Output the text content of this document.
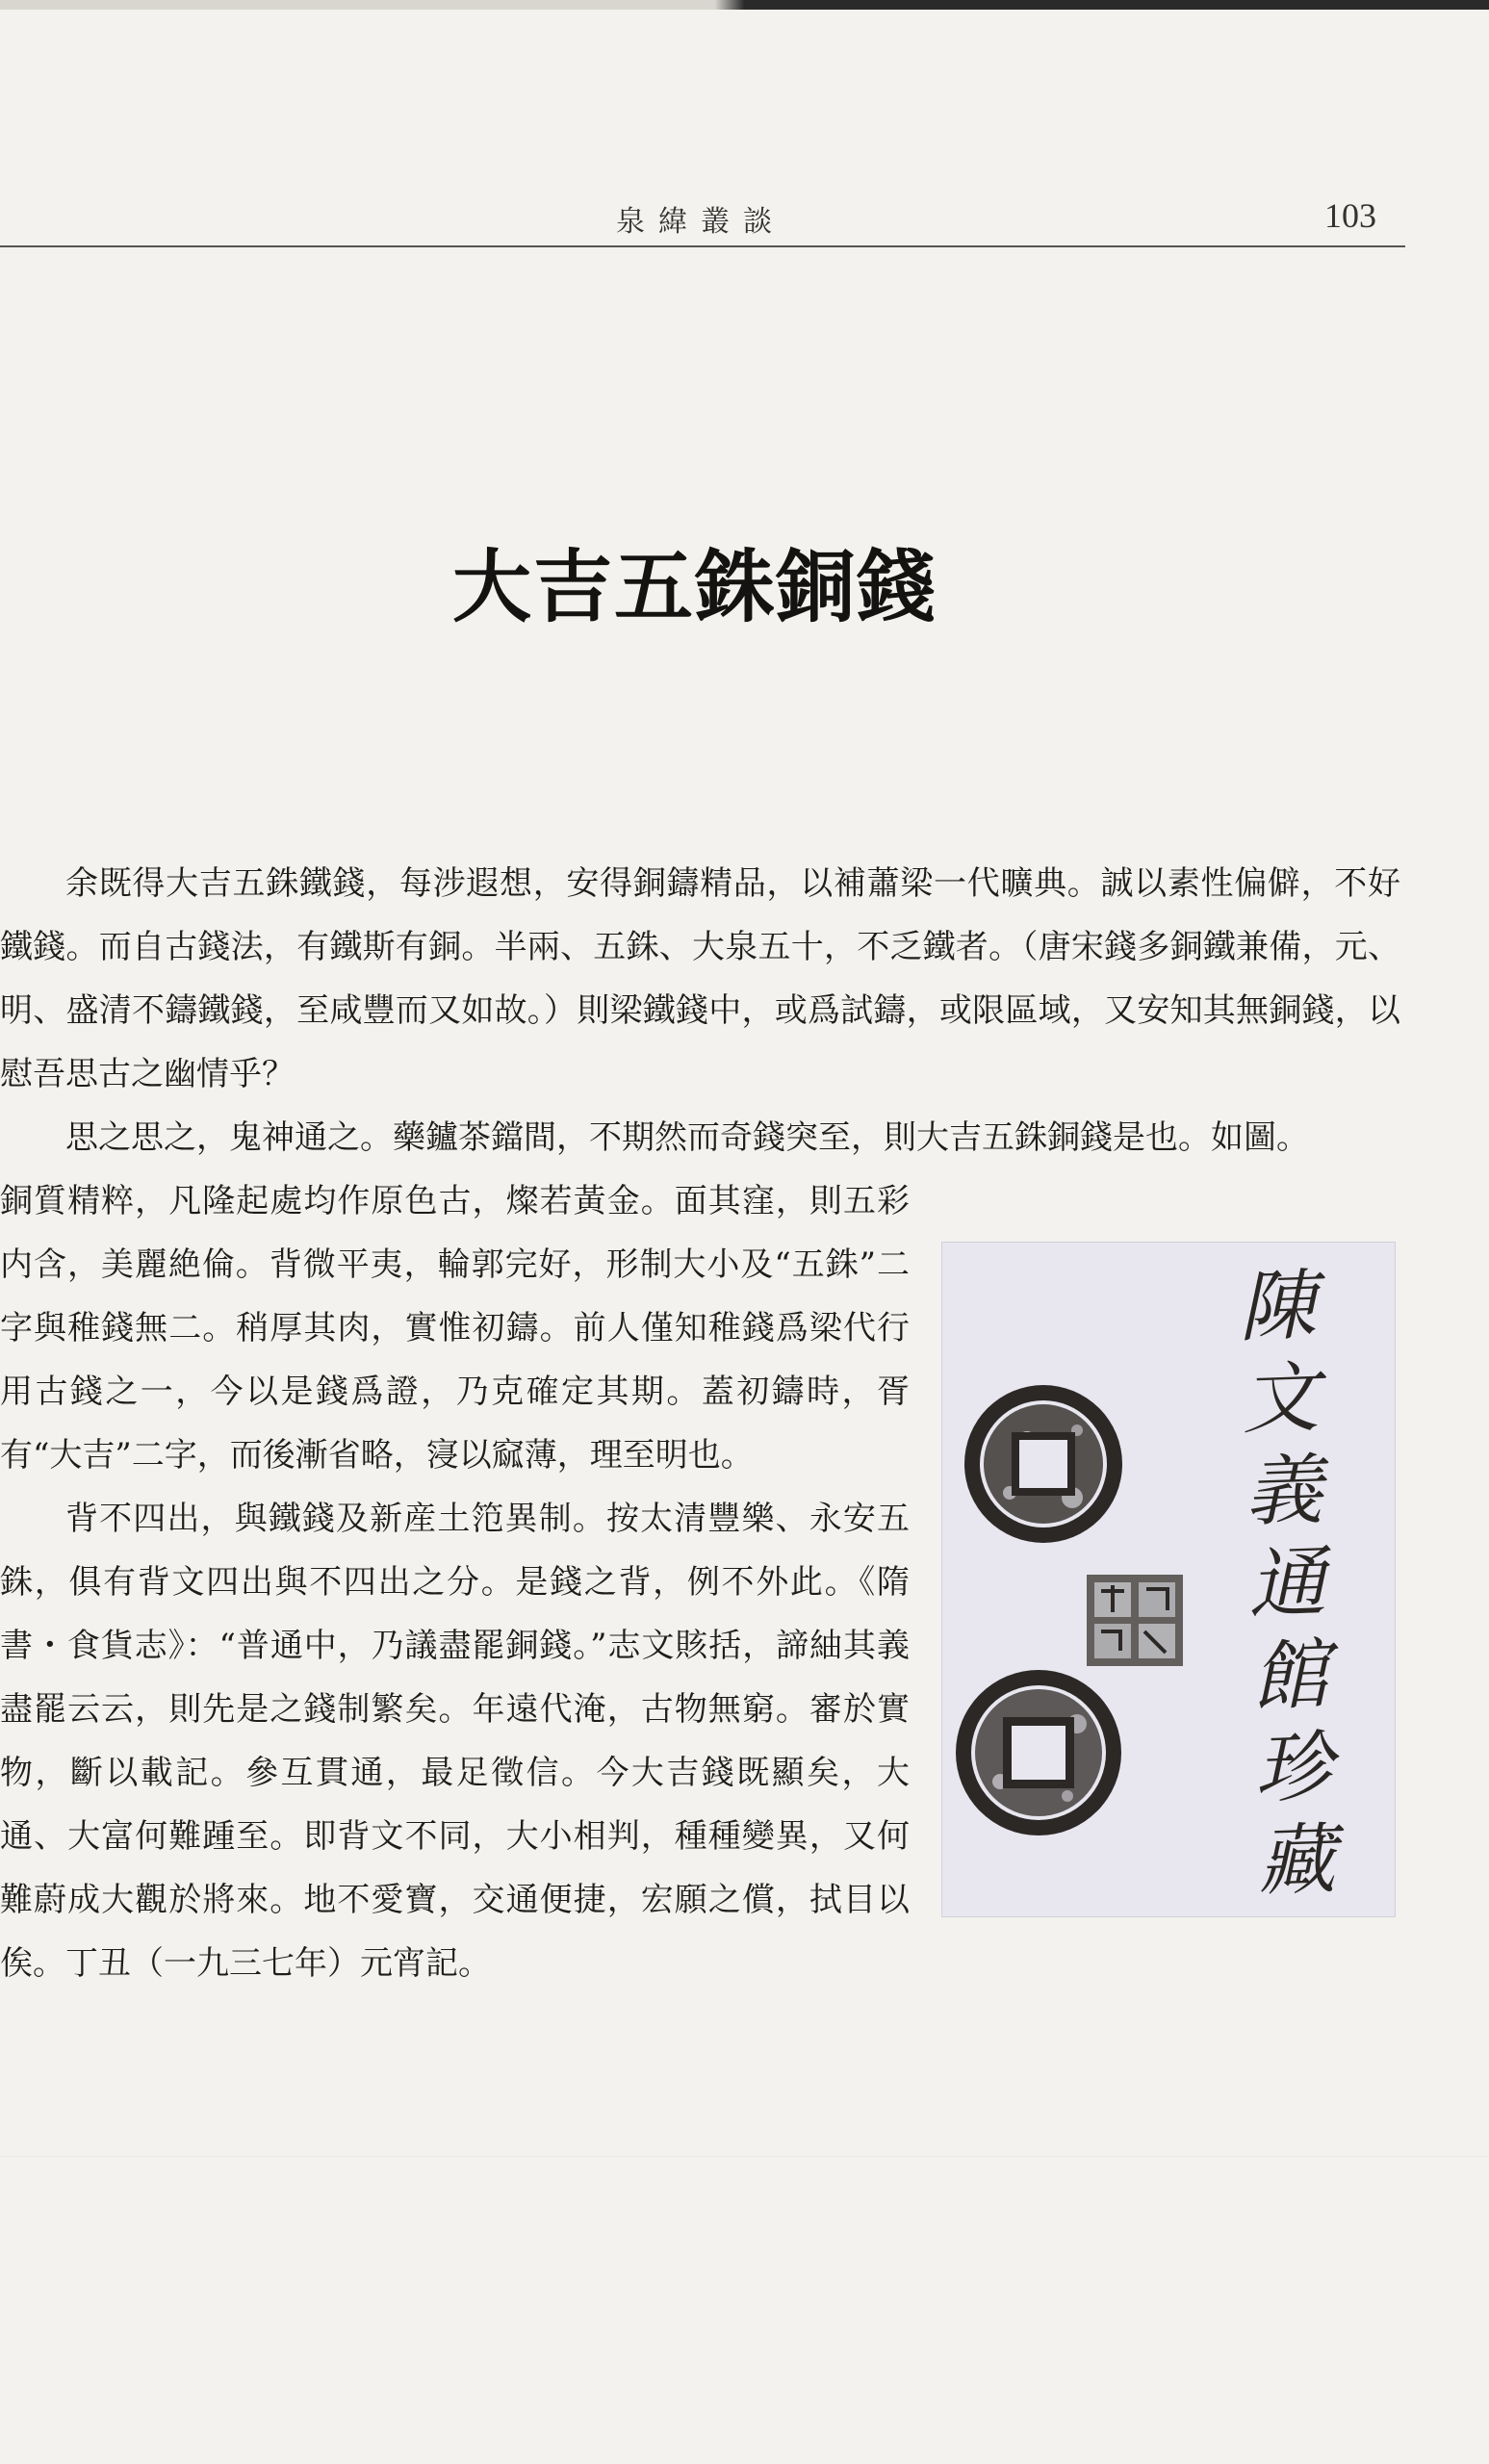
泉緯叢談	103
大吉五銖銅錢

余既得大吉五銖鐵錢，每涉遐想，安得銅鑄精品，以補蕭梁一代曠典。誠以素性偏僻，不好鐵錢。而自古錢法，有鐵斯有銅。半兩、五銖、大泉五十，不乏鐵者。（唐宋錢多銅鐵兼備，元、明、盛清不鑄鐵錢，至咸豐而又如故。）則梁鐵錢中，或爲試鑄，或限區域，又安知其無銅錢，以慰吾思古之幽情乎？

思之思之，鬼神通之。藥鑪茶鐺間，不期然而奇錢突至，則大吉五銖銅錢是也。如圖。

銅質精粹，凡隆起處均作原色古，燦若黃金。面其窪，則五彩内含，美麗絶倫。背微平夷，輪郭完好，形制大小及“五銖”二字與稚錢無二。稍厚其肉，實惟初鑄。前人僅知稚錢爲梁代行用古錢之一，今以是錢爲證，乃克確定其期。蓋初鑄時，胥有“大吉”二字，而後漸省略，寖以窳薄，理至明也。

背不四出，與鐵錢及新産土笵異制。按太清豐樂、永安五銖，俱有背文四出與不四出之分。是錢之背，例不外此。《隋書・食貨志》：“普通中，乃議盡罷銅錢。”志文賅括，諦紬其義盡罷云云，則先是之錢制繁矣。年遠代淹，古物無窮。審於實物，斷以載記。參互貫通，最足徵信。今大吉錢既顯矣，大通、大富何難踵至。即背文不同，大小相判，種種變異，又何難蔚成大觀於將來。地不愛寶，交通便捷，宏願之償，拭目以俟。丁丑（一九三七年）元宵記。

陳文義通館珍藏
